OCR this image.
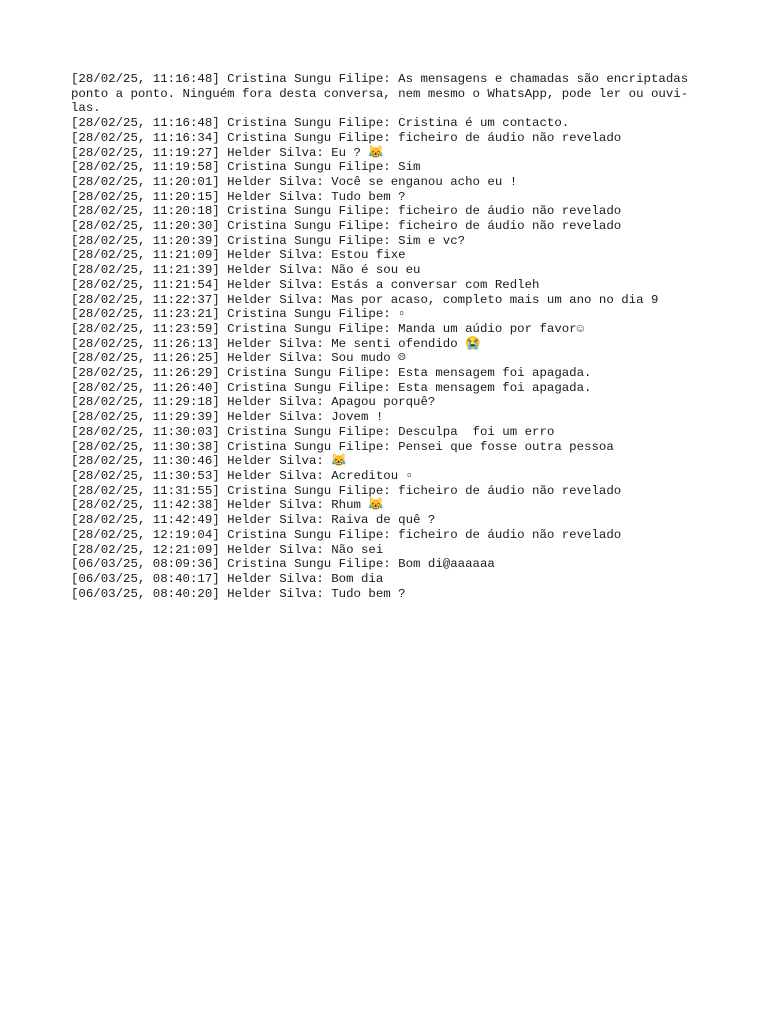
[28/02/25, 11:16:48] Cristina Sungu Filipe: As mensagens e chamadas são encriptadas

ponto a ponto. Ninguém fora desta conversa, nem mesmo o WhatsApp, pode ler ou ouvi-

las.

[28/02/25, 11:16:48] Cristina Sungu Filipe: Cristina é um contacto.

[28/02/25, 11:16:34] Cristina Sungu Filipe: ficheiro de áudio não revelado

[28/02/25, 11:19:27] Helder Silva: Eu ? 😹

[28/02/25, 11:19:58] Cristina Sungu Filipe: Sim

[28/02/25, 11:20:01] Helder Silva: Você se enganou acho eu !

[28/02/25, 11:20:15] Helder Silva: Tudo bem ?

[28/02/25, 11:20:18] Cristina Sungu Filipe: ficheiro de áudio não revelado

[28/02/25, 11:20:30] Cristina Sungu Filipe: ficheiro de áudio não revelado

[28/02/25, 11:20:39] Cristina Sungu Filipe: Sim e vc?

[28/02/25, 11:21:09] Helder Silva: Estou fixe

[28/02/25, 11:21:39] Helder Silva: Não é sou eu

[28/02/25, 11:21:54] Helder Silva: Estás a conversar com Redleh

[28/02/25, 11:22:37] Helder Silva: Mas por acaso, completo mais um ano no dia 9

[28/02/25, 11:23:21] Cristina Sungu Filipe: ▫

[28/02/25, 11:23:59] Cristina Sungu Filipe: Manda um aúdio por favor☺

[28/02/25, 11:26:13] Helder Silva: Me senti ofendido 😭

[28/02/25, 11:26:25] Helder Silva: Sou mudo ☹

[28/02/25, 11:26:29] Cristina Sungu Filipe: Esta mensagem foi apagada.

[28/02/25, 11:26:40] Cristina Sungu Filipe: Esta mensagem foi apagada.

[28/02/25, 11:29:18] Helder Silva: Apagou porquê?

[28/02/25, 11:29:39] Helder Silva: Jovem !

[28/02/25, 11:30:03] Cristina Sungu Filipe: Desculpa  foi um erro

[28/02/25, 11:30:38] Cristina Sungu Filipe: Pensei que fosse outra pessoa

[28/02/25, 11:30:46] Helder Silva: 😹

[28/02/25, 11:30:53] Helder Silva: Acreditou ▫

[28/02/25, 11:31:55] Cristina Sungu Filipe: ficheiro de áudio não revelado

[28/02/25, 11:42:38] Helder Silva: Rhum 😹

[28/02/25, 11:42:49] Helder Silva: Raiva de quê ?

[28/02/25, 12:19:04] Cristina Sungu Filipe: ficheiro de áudio não revelado

[28/02/25, 12:21:09] Helder Silva: Não sei

[06/03/25, 08:09:36] Cristina Sungu Filipe: Bom di@aaaaaa

[06/03/25, 08:40:17] Helder Silva: Bom dia

[06/03/25, 08:40:20] Helder Silva: Tudo bem ?
